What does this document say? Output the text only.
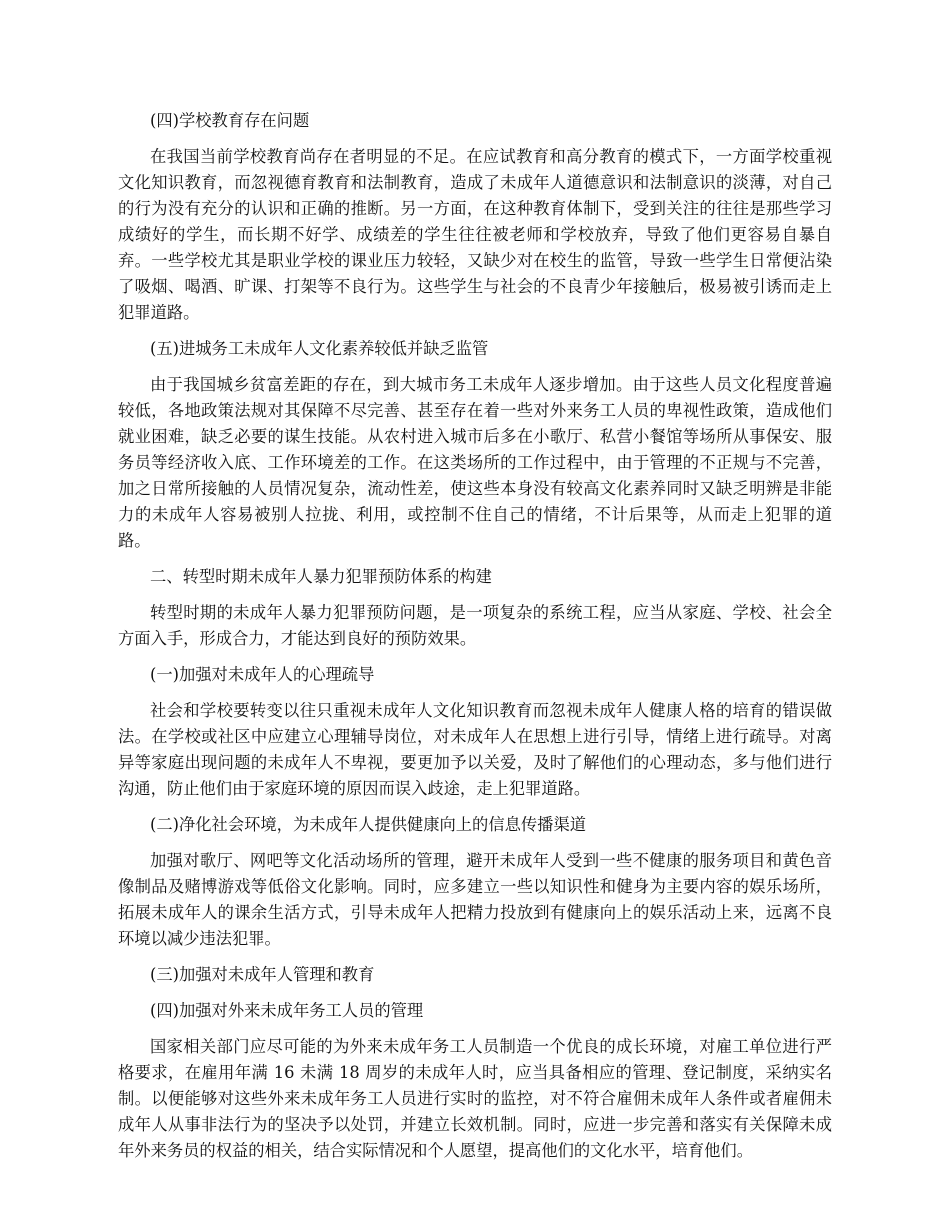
(四)学校教育存在问题

在我国当前学校教育尚存在者明显的不足。在应试教育和高分教育的模式下，一方面学校重视文化知识教育，而忽视德育教育和法制教育，造成了未成年人道德意识和法制意识的淡薄，对自己的行为没有充分的认识和正确的推断。另一方面，在这种教育体制下，受到关注的往往是那些学习成绩好的学生，而长期不好学、成绩差的学生往往被老师和学校放弃，导致了他们更容易自暴自弃。一些学校尤其是职业学校的课业压力较轻，又缺少对在校生的监管，导致一些学生日常便沾染了吸烟、喝酒、旷课、打架等不良行为。这些学生与社会的不良青少年接触后，极易被引诱而走上犯罪道路。

(五)进城务工未成年人文化素养较低并缺乏监管

由于我国城乡贫富差距的存在，到大城市务工未成年人逐步增加。由于这些人员文化程度普遍较低，各地政策法规对其保障不尽完善、甚至存在着一些对外来务工人员的卑视性政策，造成他们就业困难，缺乏必要的谋生技能。从农村进入城市后多在小歌厅、私营小餐馆等场所从事保安、服务员等经济收入底、工作环境差的工作。在这类场所的工作过程中，由于管理的不正规与不完善，加之日常所接触的人员情况复杂，流动性差，使这些本身没有较高文化素养同时又缺乏明辨是非能力的未成年人容易被别人拉拢、利用，或控制不住自己的情绪，不计后果等，从而走上犯罪的道路。

二、转型时期未成年人暴力犯罪预防体系的构建

转型时期的未成年人暴力犯罪预防问题，是一项复杂的系统工程，应当从家庭、学校、社会全方面入手，形成合力，才能达到良好的预防效果。

(一)加强对未成年人的心理疏导

社会和学校要转变以往只重视未成年人文化知识教育而忽视未成年人健康人格的培育的错误做法。在学校或社区中应建立心理辅导岗位，对未成年人在思想上进行引导，情绪上进行疏导。对离异等家庭出现问题的未成年人不卑视，要更加予以关爱，及时了解他们的心理动态，多与他们进行沟通，防止他们由于家庭环境的原因而误入歧途，走上犯罪道路。

(二)净化社会环境，为未成年人提供健康向上的信息传播渠道

加强对歌厅、网吧等文化活动场所的管理，避开未成年人受到一些不健康的服务项目和黄色音像制品及赌博游戏等低俗文化影响。同时，应多建立一些以知识性和健身为主要内容的娱乐场所，拓展未成年人的课余生活方式，引导未成年人把精力投放到有健康向上的娱乐活动上来，远离不良环境以减少违法犯罪。

(三)加强对未成年人管理和教育

(四)加强对外来未成年务工人员的管理

国家相关部门应尽可能的为外来未成年务工人员制造一个优良的成长环境，对雇工单位进行严格要求，在雇用年满 16 未满 18 周岁的未成年人时，应当具备相应的管理、登记制度，采纳实名制。以便能够对这些外来未成年务工人员进行实时的监控，对不符合雇佣未成年人条件或者雇佣未成年人从事非法行为的坚决予以处罚，并建立长效机制。同时，应进一步完善和落实有关保障未成年外来务员的权益的相关，结合实际情况和个人愿望，提高他们的文化水平，培育他们。
